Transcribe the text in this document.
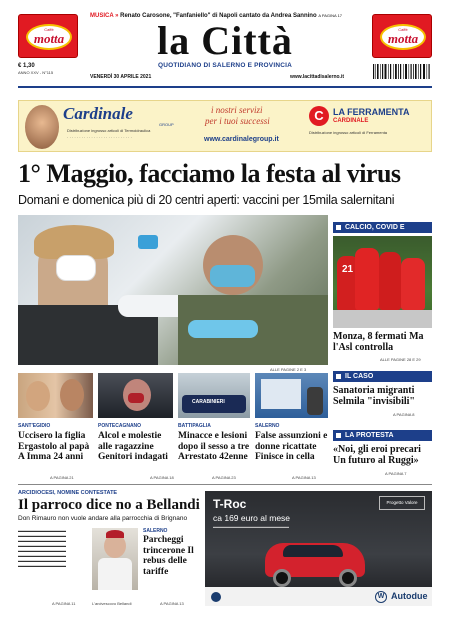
Caffè
motta
Caffè
motta
MUSICA » Renato Carosone, "Fanfaniello" di Napoli cantato da Andrea Sannino A PAGINA 17
la Città
QUOTIDIANO DI SALERNO E PROVINCIA
€ 1,30
ANNO XXV - N°115
VENERDÌ 30 APRILE 2021	www.lacittadisalerno.it
Cardinale
GROUP
Distribuzione ingrosso articoli di Termoidraulica
· · · · · · · · · · · · · · · · · · · · · · · · · · ·
i nostri servizi
per i tuoi successi
www.cardinalegroup.it
C	LA FERRAMENTA
CARDINALE
Distribuzione ingrosso articoli di Ferramenta
1° Maggio, facciamo la festa al virus
Domani e domenica più di 20 centri aperti: vaccini per 15mila salernitani
ALLE PAGINE 2 E 3
CALCIO, COVID E
21
Monza, 8 fermati Ma l'Asl controlla
ALLE PAGINE 28 E 29
IL CASO
Sanatoria migranti Selmila "invisibili"
A PAGINA 8
LA PROTESTA
«Noi, gli eroi precari Un futuro al Ruggi»
A PAGINA 7
CARABINIERI
SANT'EGIDIO	PONTECAGNANO	BATTIPAGLIA	SALERNO
Uccisero la figlia Ergastolo al papà A Imma 24 anni
Alcol e molestie alle ragazzine Genitori indagati
Minacce e lesioni dopo il sesso a tre Arrestato 42enne
False assunzioni e donne ricattate Finisce in cella
A PAGINA 21	A PAGINA 18	A PAGINA 23	A PAGINA 13
ARCIDIOCESI, NOMINE CONTESTATE
Il parroco dice no a Bellandi
Don Rimauro non vuole andare alla parrocchia di Brignano
▬▬▬▬▬▬▬▬▬▬▬▬
▬▬▬▬▬▬▬▬▬▬▬▬
▬▬▬▬▬▬▬▬▬▬▬▬
▬▬▬▬▬▬▬▬▬▬▬▬
▬▬▬▬▬▬▬▬▬▬▬▬
▬▬▬▬▬▬▬▬▬▬▬▬
▬▬▬▬▬▬▬▬▬▬▬▬
▬▬▬▬▬▬▬▬▬▬▬▬
A PAGINA 11	L'arcivescovo Bellandi
SALERNO
Parcheggi trincerone Il rebus delle tariffe
A PAGINA 13
T-Roc
ca 169 euro al mese
▬▬▬▬▬▬▬▬▬▬▬▬▬▬▬▬▬▬▬
Progetto Valore
W Autodue
